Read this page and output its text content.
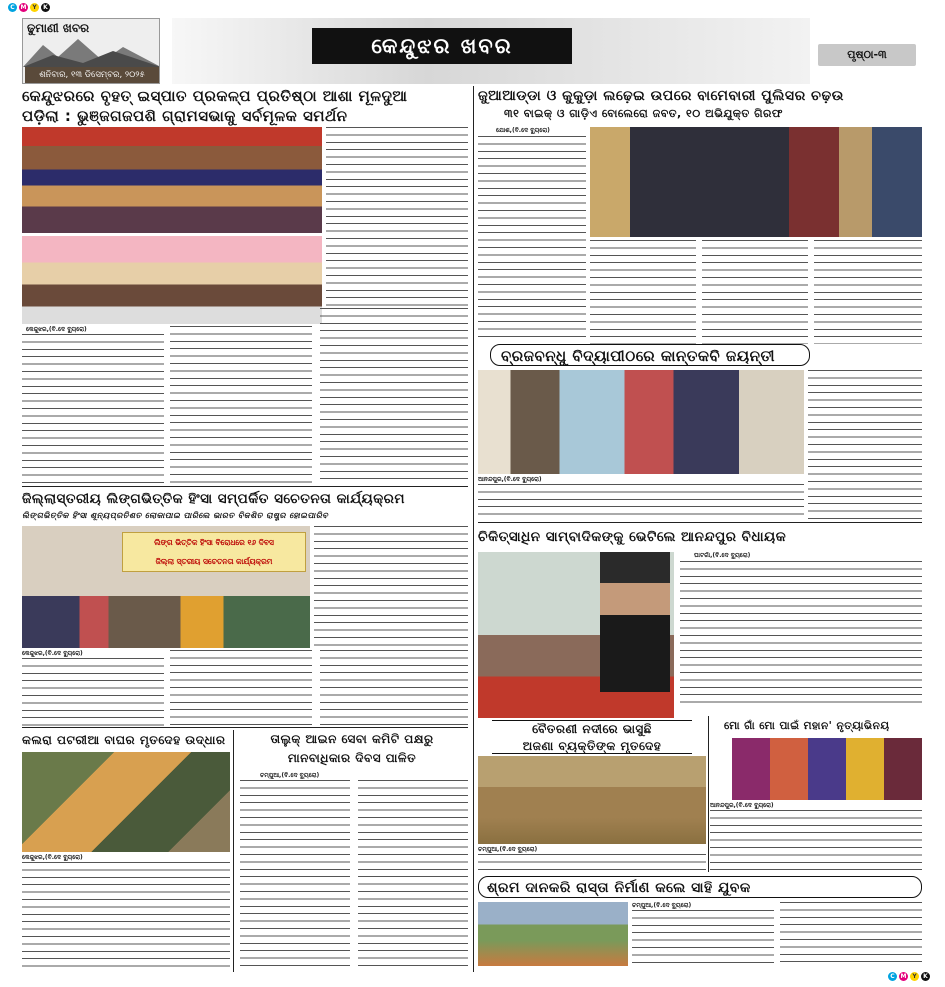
C M Y	K
C M Y	K
ଢୁମାଣୀ ଖବର
ଶନିବାର, ୧୩ ଡିସେମ୍ବର, ୨୦୨୫
କେନ୍ଦୁଝର ଖବର	ପୃଷ୍ଠା-୩
କେନ୍ଦୁଝରରେ ବୃହତ୍ ଇସ୍ପାତ ପ୍ରକଳ୍ପ ପ୍ରତିଷ୍ଠା ଆଶା ମୂଳଦୁଆ
ପଡ଼ିଲା : ଭୁଞ୍ଜଗଜପଶି ଗ୍ରାମସଭାକୁ ସର୍ବମୂଳକ ସମର୍ଥନ
କେନ୍ଦୁଝର,(ବି.ଦେ ବ୍ୟୁରୋ)
ଜୁଆଆଡ୍ଡା ଓ କୁକୁଡ଼ା ଲଢ଼େଇ ଉପରେ ବାମେବାରୀ ପୁଲିସର ଚଢ଼ଉ
୩୧ ବାଇକ୍ ଓ ଗାଡ଼ିଏ ବୋଲେରୋ ଜବତ, ୧୦ ଅଭିଯୁକ୍ତ ଗିରଫ
ଯୋଶ,(ବି.ଦେ ବ୍ୟୁରୋ)
ବ୍ରଜବନ୍ଧୁ ବିଦ୍ୟାପୀଠରେ କାନ୍ତକବି ଜୟନ୍ତୀ
ଆନନ୍ଦପୁର,(ବି.ଦେ ବ୍ୟୁରୋ)
ଜିଲ୍ଲାସ୍ତରୀୟ ଲିଙ୍ଗଭିତ୍ତିକ ହିଂସା ସମ୍ପର୍କିତ ସଚେତନତା କାର୍ଯ୍ୟକ୍ରମ
ଲିଙ୍ଗଭିତ୍ତିକ ହିଂସା ଶୂନ୍ୟପ୍ରତିଶତ ଲୋକାପାଇ ପାରିଲେ ଭାରତ ବିକଶିତ ରାଷ୍ଟ୍ର ହୋଇପାରିବ
ଲିଙ୍ଗ ଭିତ୍ତିକ ହିଂସା ବିରୋଧରେ ୧୬ ଦିବସ
ଜିଲ୍ଲା ସ୍ତରୀୟ ସଚେତନତା କାର୍ଯ୍ୟକ୍ରମ
କେନ୍ଦୁଝର,(ବି.ଦେ ବ୍ୟୁରୋ)
ଚିକିତ୍ସାଧିନ ସାମ୍ବାଦିକଙ୍କୁ ଭେଟିଲେ ଆନନ୍ଦପୁର ବିଧାୟକ
ଘାଟଗାଁ,(ବି.ଦେ ବ୍ୟୁରୋ)
ବୈତରଣୀ ନଦୀରେ ଭାସୁଛି
ଅଜଣା ବ୍ୟକ୍ତିଙ୍କ ମୃତଦେହ
ଚମ୍ପୁଆ,(ବି.ଦେ ବ୍ୟୁରୋ)
ମୋ ଗାଁ ମୋ ପାଇଁ ମହାନ' ନୃତ୍ୟାଭିନୟ
ଆନନ୍ଦପୁର,(ବି.ଦେ ବ୍ୟୁରୋ)
କଲରା ପଟରୀଆ ବାଘର ମୃତଦେହ ଉଦ୍ଧାର
କେନ୍ଦୁଝର,(ବି.ଦେ ବ୍ୟୁରୋ)
ତାଲୁକ୍ ଆଇନ ସେବା କମିଟି ପକ୍ଷରୁ
ମାନବାଧିକାର ଦିବସ ପାଳିତ
ଚମ୍ପୁଆ,(ବି.ଦେ ବ୍ୟୁରୋ)
ଶ୍ରମ ଦାନକରି ରାସ୍ତା ନିର୍ମାଣ କଲେ ସାହି ଯୁବକ
ଚମ୍ପୁଆ,(ବି.ଦେ ବ୍ୟୁରୋ)
